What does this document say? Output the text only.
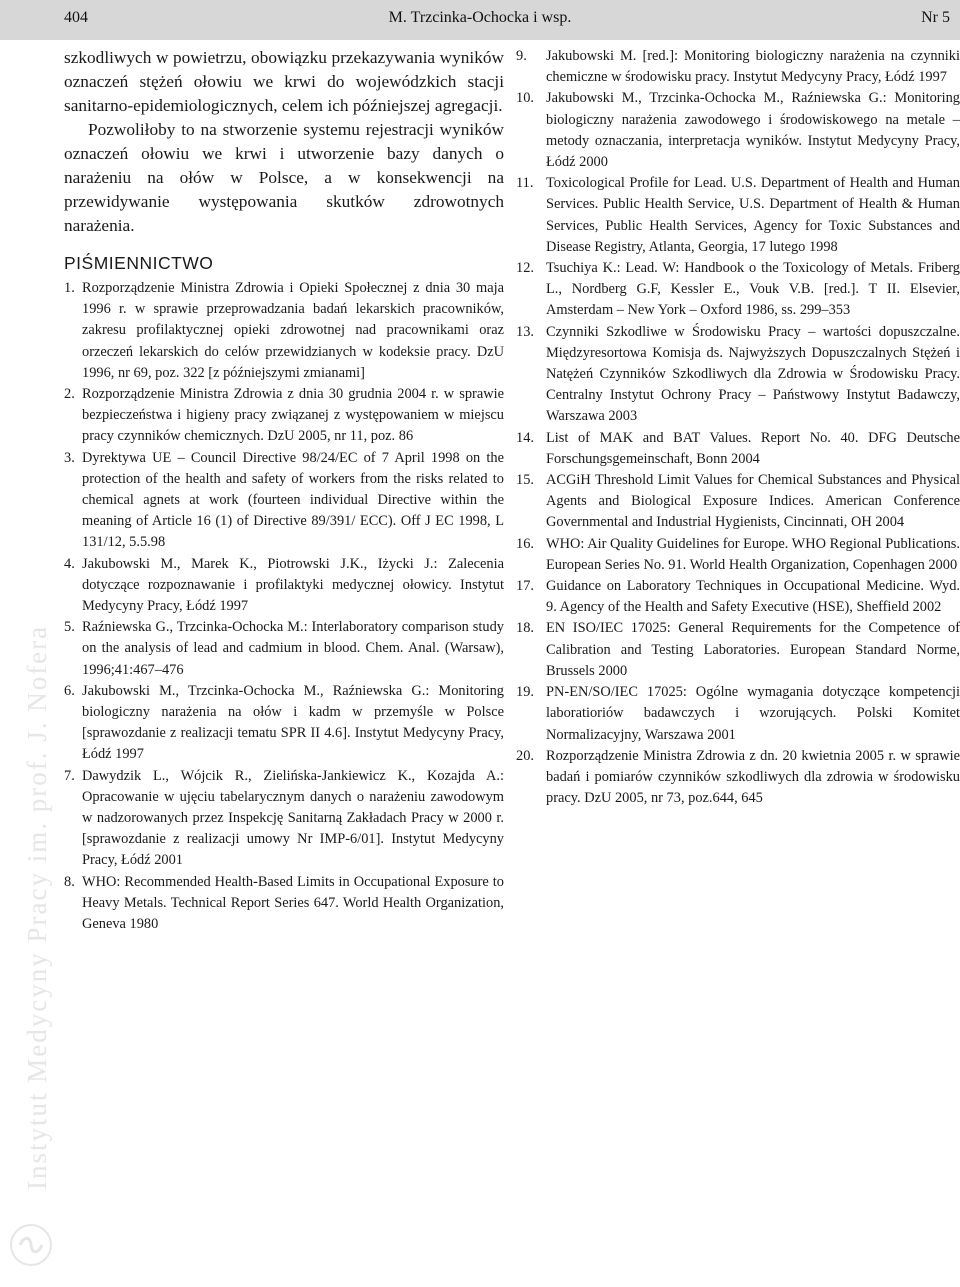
404	M. Trzcinka-Ochocka i wsp.	Nr 5

szkodliwych w powietrzu, obowiązku przekazywania wyników oznaczeń stężeń ołowiu we krwi do wojewódzkich stacji sanitarno-epidemiologicznych, celem ich późniejszej agregacji.

Pozwoliłoby to na stworzenie systemu rejestracji wyników oznaczeń ołowiu we krwi i utworzenie bazy danych o narażeniu na ołów w Polsce, a w konsekwencji na przewidywanie występowania skutków zdrowotnych narażenia.

PIŚMIENNICTWO
1. Rozporządzenie Ministra Zdrowia i Opieki Społecznej z dnia 30 maja 1996 r. w sprawie przeprowadzania badań lekarskich pracowników, zakresu profilaktycznej opieki zdrowotnej nad pracownikami oraz orzeczeń lekarskich do celów przewidzianych w kodeksie pracy. DzU 1996, nr 69, poz. 322 [z późniejszymi zmianami]
2. Rozporządzenie Ministra Zdrowia z dnia 30 grudnia 2004 r. w sprawie bezpieczeństwa i higieny pracy związanej z występowaniem w miejscu pracy czynników chemicznych. DzU 2005, nr 11, poz. 86
3. Dyrektywa UE – Council Directive 98/24/EC of 7 April 1998 on the protection of the health and safety of workers from the risks related to chemical agnets at work (fourteen individual Directive within the meaning of Article 16 (1) of Directive 89/391/ ECC). Off J EC 1998, L 131/12, 5.5.98
4. Jakubowski M., Marek K., Piotrowski J.K., Iżycki J.: Zalecenia dotyczące rozpoznawanie i profilaktyki medycznej ołowicy. Instytut Medycyny Pracy, Łódź 1997
5. Raźniewska G., Trzcinka-Ochocka M.: Interlaboratory comparison study on the analysis of lead and cadmium in blood. Chem. Anal. (Warsaw), 1996;41:467–476
6. Jakubowski M., Trzcinka-Ochocka M., Raźniewska G.: Monitoring biologiczny narażenia na ołów i kadm w przemyśle w Polsce [sprawozdanie z realizacji tematu SPR II 4.6]. Instytut Medycyny Pracy, Łódź 1997
7. Dawydzik L., Wójcik R., Zielińska-Jankiewicz K., Kozajda A.: Opracowanie w ujęciu tabelarycznym danych o narażeniu zawodowym w nadzorowanych przez Inspekcję Sanitarną Zakładach Pracy w 2000 r. [sprawozdanie z realizacji umowy Nr IMP-6/01]. Instytut Medycyny Pracy, Łódź 2001
8. WHO: Recommended Health-Based Limits in Occupational Exposure to Heavy Metals. Technical Report Series 647. World Health Organization, Geneva 1980
9. Jakubowski M. [red.]: Monitoring biologiczny narażenia na czynniki chemiczne w środowisku pracy. Instytut Medycyny Pracy, Łódź 1997
10. Jakubowski M., Trzcinka-Ochocka M., Raźniewska G.: Monitoring biologiczny narażenia zawodowego i środowiskowego na metale – metody oznaczania, interpretacja wyników. Instytut Medycyny Pracy, Łódź 2000
11. Toxicological Profile for Lead. U.S. Department of Health and Human Services. Public Health Service, U.S. Department of Health & Human Services, Public Health Services, Agency for Toxic Substances and Disease Registry, Atlanta, Georgia, 17 lutego 1998
12. Tsuchiya K.: Lead. W: Handbook o the Toxicology of Metals. Friberg L., Nordberg G.F, Kessler E., Vouk V.B. [red.]. T II. Elsevier, Amsterdam – New York – Oxford 1986, ss. 299–353
13. Czynniki Szkodliwe w Środowisku Pracy – wartości dopuszczalne. Międzyresortowa Komisja ds. Najwyższych Dopuszczalnych Stężeń i Natężeń Czynników Szkodliwych dla Zdrowia w Środowisku Pracy. Centralny Instytut Ochrony Pracy – Państwowy Instytut Badawczy, Warszawa 2003
14. List of MAK and BAT Values. Report No. 40. DFG Deutsche Forschungsgemeinschaft, Bonn 2004
15. ACGiH Threshold Limit Values for Chemical Substances and Physical Agents and Biological Exposure Indices. American Conference Governmental and Industrial Hygienists, Cincinnati, OH 2004
16. WHO: Air Quality Guidelines for Europe. WHO Regional Publications. European Series No. 91. World Health Organization, Copenhagen 2000
17. Guidance on Laboratory Techniques in Occupational Medicine. Wyd. 9. Agency of the Health and Safety Executive (HSE), Sheffield 2002
18. EN ISO/IEC 17025: General Requirements for the Competence of Calibration and Testing Laboratories. European Standard Norme, Brussels 2000
19. PN-EN/SO/IEC 17025: Ogólne wymagania dotyczące kompetencji laboratioriów badawczych i wzorujących. Polski Komitet Normalizacyjny, Warszawa 2001
20. Rozporządzenie Ministra Zdrowia z dn. 20 kwietnia 2005 r. w sprawie badań i pomiarów czynników szkodliwych dla zdrowia w środowisku pracy. DzU 2005, nr 73, poz.644, 645
Instytut Medycyny Pracy im. prof. J. Nofera
